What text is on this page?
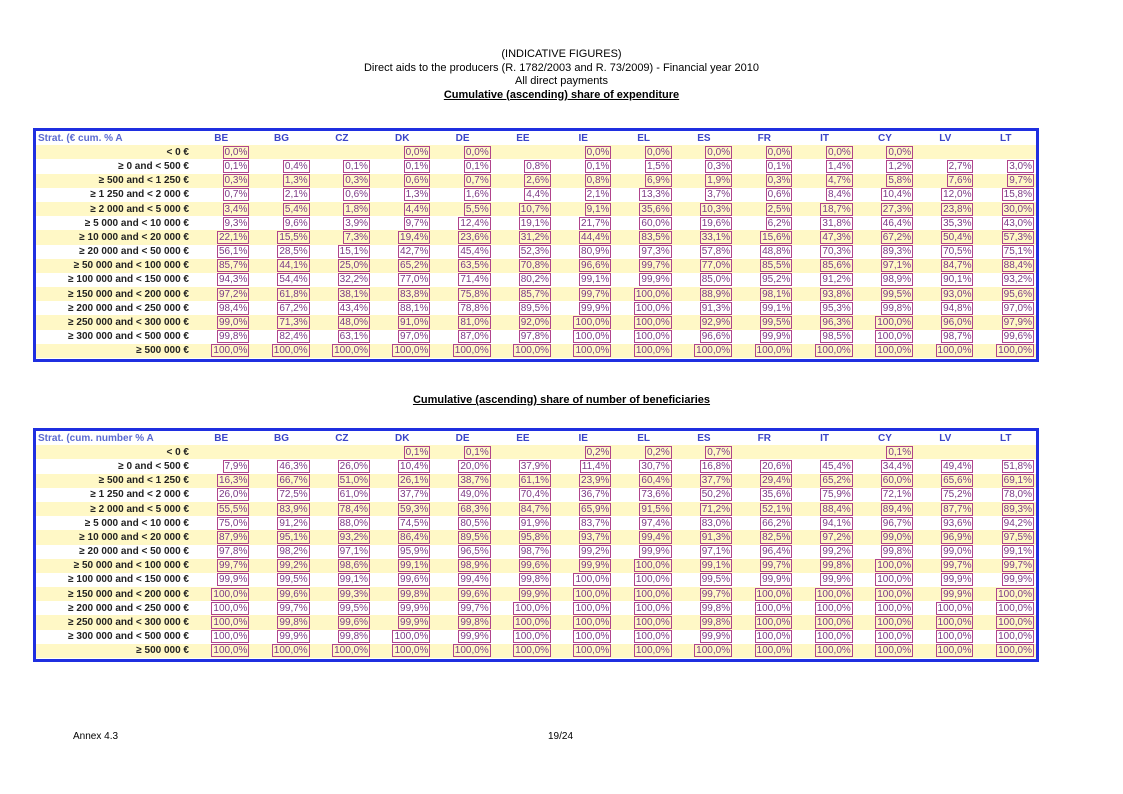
(INDICATIVE FIGURES)
Direct aids to the producers (R. 1782/2003 and R. 73/2009) - Financial year 2010
All direct payments
Cumulative (ascending) share of expenditure
Strat. (€ cum. % A	BE	BG	CZ	DK	DE	EE	IE	EL	ES	FR	IT	CY	LV	LT
< 0 €	0,0%			0,0%	0,0%		0,0%	0,0%	0,0%	0,0%	0,0%	0,0%		
≥ 0 and < 500 €	0,1%	0,4%	0,1%	0,1%	0,1%	0,8%	0,1%	1,5%	0,3%	0,1%	1,4%	1,2%	2,7%	3,0%
≥ 500 and < 1 250 €	0,3%	1,3%	0,3%	0,6%	0,7%	2,6%	0,8%	6,9%	1,9%	0,3%	4,7%	5,8%	7,6%	9,7%
≥ 1 250 and < 2 000 €	0,7%	2,1%	0,6%	1,3%	1,6%	4,4%	2,1%	13,3%	3,7%	0,6%	8,4%	10,4%	12,0%	15,8%
≥ 2 000 and < 5 000 €	3,4%	5,4%	1,8%	4,4%	5,5%	10,7%	9,1%	35,6%	10,3%	2,5%	18,7%	27,3%	23,8%	30,0%
≥ 5 000 and < 10 000 €	9,3%	9,6%	3,9%	9,7%	12,4%	19,1%	21,7%	60,0%	19,6%	6,2%	31,8%	46,4%	35,3%	43,0%
≥ 10 000 and < 20 000 €	22,1%	15,5%	7,3%	19,4%	23,6%	31,2%	44,4%	83,5%	33,1%	15,6%	47,3%	67,2%	50,4%	57,3%
≥ 20 000 and < 50 000 €	56,1%	28,5%	15,1%	42,7%	45,4%	52,3%	80,9%	97,3%	57,8%	48,8%	70,3%	89,3%	70,5%	75,1%
≥ 50 000 and < 100 000 €	85,7%	44,1%	25,0%	65,2%	63,5%	70,8%	96,6%	99,7%	77,0%	85,5%	85,6%	97,1%	84,7%	88,4%
≥ 100 000 and < 150 000 €	94,3%	54,4%	32,2%	77,0%	71,4%	80,2%	99,1%	99,9%	85,0%	95,2%	91,2%	98,9%	90,1%	93,2%
≥ 150 000 and < 200 000 €	97,2%	61,8%	38,1%	83,8%	75,8%	85,7%	99,7%	100,0%	88,9%	98,1%	93,8%	99,5%	93,0%	95,6%
≥ 200 000 and < 250 000 €	98,4%	67,2%	43,4%	88,1%	78,8%	89,5%	99,9%	100,0%	91,3%	99,1%	95,3%	99,8%	94,8%	97,0%
≥ 250 000 and < 300 000 €	99,0%	71,3%	48,0%	91,0%	81,0%	92,0%	100,0%	100,0%	92,9%	99,5%	96,3%	100,0%	96,0%	97,9%
≥ 300 000 and < 500 000 €	99,8%	82,4%	63,1%	97,0%	87,0%	97,8%	100,0%	100,0%	96,6%	99,9%	98,5%	100,0%	98,7%	99,6%
≥ 500 000 €	100,0%	100,0%	100,0%	100,0%	100,0%	100,0%	100,0%	100,0%	100,0%	100,0%	100,0%	100,0%	100,0%	100,0%
Cumulative (ascending) share of number of beneficiaries
Strat. (cum. number % A	BE	BG	CZ	DK	DE	EE	IE	EL	ES	FR	IT	CY	LV	LT
< 0 €				0,1%	0,1%		0,2%	0,2%	0,7%			0,1%		
≥ 0 and < 500 €	7,9%	46,3%	26,0%	10,4%	20,0%	37,9%	11,4%	30,7%	16,8%	20,6%	45,4%	34,4%	49,4%	51,8%
≥ 500 and < 1 250 €	16,3%	66,7%	51,0%	26,1%	38,7%	61,1%	23,9%	60,4%	37,7%	29,4%	65,2%	60,0%	65,6%	69,1%
≥ 1 250 and < 2 000 €	26,0%	72,5%	61,0%	37,7%	49,0%	70,4%	36,7%	73,6%	50,2%	35,6%	75,9%	72,1%	75,2%	78,0%
≥ 2 000 and < 5 000 €	55,5%	83,9%	78,4%	59,3%	68,3%	84,7%	65,9%	91,5%	71,2%	52,1%	88,4%	89,4%	87,7%	89,3%
≥ 5 000 and < 10 000 €	75,0%	91,2%	88,0%	74,5%	80,5%	91,9%	83,7%	97,4%	83,0%	66,2%	94,1%	96,7%	93,6%	94,2%
≥ 10 000 and < 20 000 €	87,9%	95,1%	93,2%	86,4%	89,5%	95,8%	93,7%	99,4%	91,3%	82,5%	97,2%	99,0%	96,9%	97,5%
≥ 20 000 and < 50 000 €	97,8%	98,2%	97,1%	95,9%	96,5%	98,7%	99,2%	99,9%	97,1%	96,4%	99,2%	99,8%	99,0%	99,1%
≥ 50 000 and < 100 000 €	99,7%	99,2%	98,6%	99,1%	98,9%	99,6%	99,9%	100,0%	99,1%	99,7%	99,8%	100,0%	99,7%	99,7%
≥ 100 000 and < 150 000 €	99,9%	99,5%	99,1%	99,6%	99,4%	99,8%	100,0%	100,0%	99,5%	99,9%	99,9%	100,0%	99,9%	99,9%
≥ 150 000 and < 200 000 €	100,0%	99,6%	99,3%	99,8%	99,6%	99,9%	100,0%	100,0%	99,7%	100,0%	100,0%	100,0%	99,9%	100,0%
≥ 200 000 and < 250 000 €	100,0%	99,7%	99,5%	99,9%	99,7%	100,0%	100,0%	100,0%	99,8%	100,0%	100,0%	100,0%	100,0%	100,0%
≥ 250 000 and < 300 000 €	100,0%	99,8%	99,6%	99,9%	99,8%	100,0%	100,0%	100,0%	99,8%	100,0%	100,0%	100,0%	100,0%	100,0%
≥ 300 000 and < 500 000 €	100,0%	99,9%	99,8%	100,0%	99,9%	100,0%	100,0%	100,0%	99,9%	100,0%	100,0%	100,0%	100,0%	100,0%
≥ 500 000 €	100,0%	100,0%	100,0%	100,0%	100,0%	100,0%	100,0%	100,0%	100,0%	100,0%	100,0%	100,0%	100,0%	100,0%
Annex 4.3	19/24
